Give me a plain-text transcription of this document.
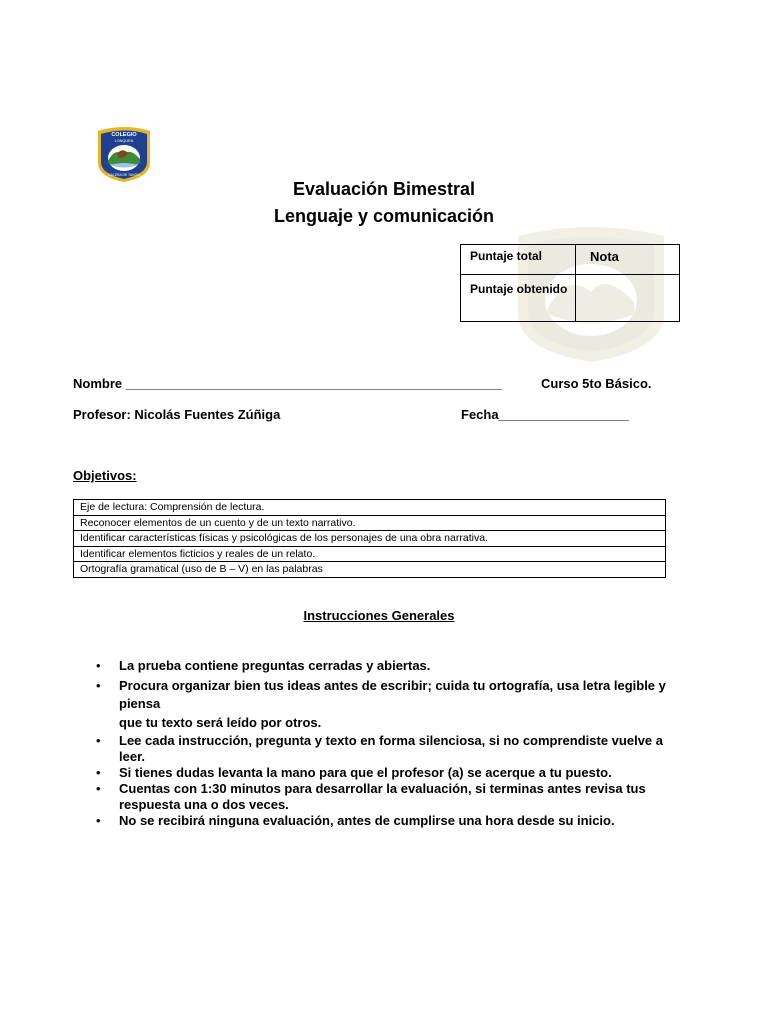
COLEGIO
LONQUEN
CALERA DE TANGO
Evaluación Bimestral
Lenguaje y comunicación
Puntaje total	Nota
Puntaje obtenido	
Nombre ____________________________________________________	Curso 5to Básico.
Profesor: Nicolás Fuentes Zúñiga	Fecha__________________
Objetivos:
Eje de lectura: Comprensión de lectura.
Reconocer elementos de un cuento y de un texto narrativo.
Identificar características físicas y psicológicas de los personajes de una obra narrativa.
Identificar elementos ficticios y reales de un relato.
Ortografía gramatical (uso de B – V) en las palabras
Instrucciones Generales
• La prueba contiene preguntas cerradas y abiertas.
• Procura organizar bien tus ideas antes de escribir; cuida tu ortografía, usa letra legible y piensa
que tu texto será leído por otros.
• Lee cada instrucción, pregunta y texto en forma silenciosa, si no comprendiste vuelve a leer.
• Si tienes dudas levanta la mano para que el profesor (a) se acerque a tu puesto.
• Cuentas con 1:30 minutos para desarrollar la evaluación, si terminas antes revisa tus respuesta una o dos veces.
• No se recibirá ninguna evaluación, antes de cumplirse una hora desde su inicio.
